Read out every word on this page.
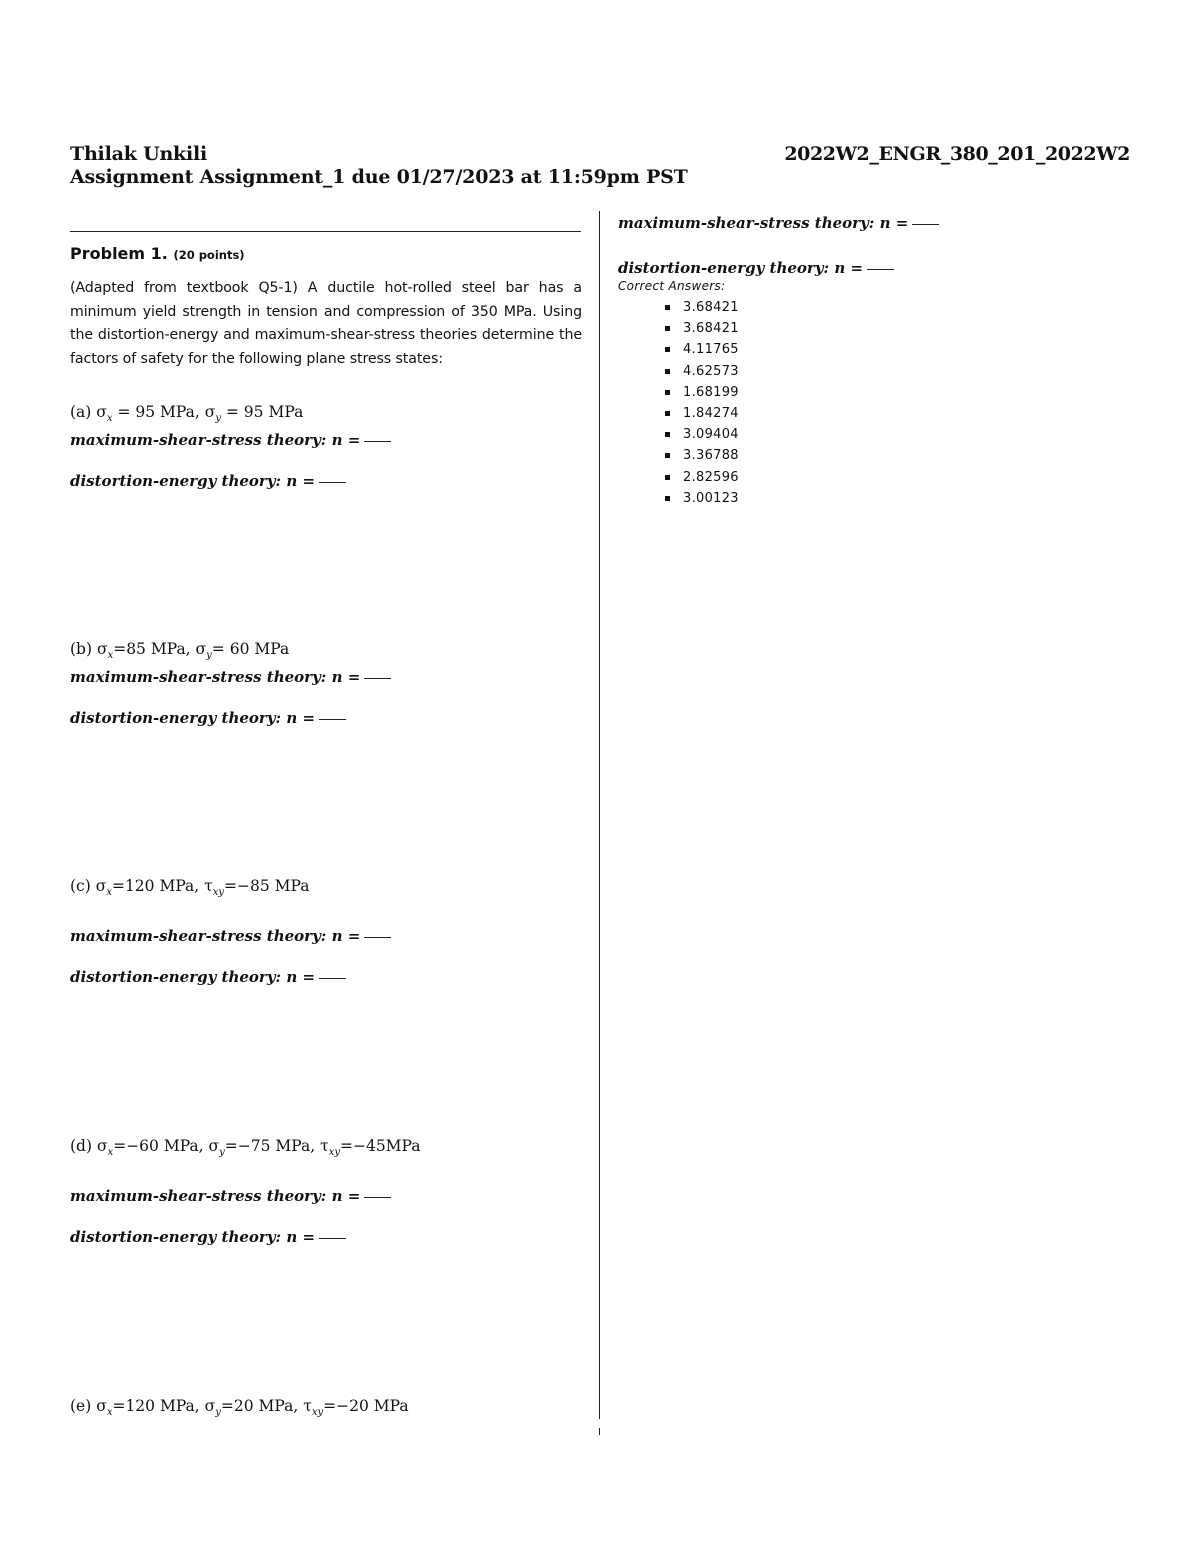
Thilak Unkili	2022W2_ENGR_380_201_2022W2
Assignment Assignment_1 due 01/27/2023 at 11:59pm PST

Problem 1. (20 points)

(Adapted from textbook Q5-1) A ductile hot-rolled steel bar has a minimum yield strength in tension and compression of 350 MPa. Using the distortion-energy and maximum-shear-stress theories determine the factors of safety for the following plane stress states:

(a) $\sigma_x = 95$ MPa, $\sigma_y = 95$ MPa

maximum-shear-stress theory: n =

distortion-energy theory: n =

(b) $\sigma_x=85$ MPa, $\sigma_y= 60$ MPa

maximum-shear-stress theory: n =

distortion-energy theory: n =

(c) $\sigma_x=120$ MPa, $\tau_{xy}=-85$ MPa

maximum-shear-stress theory: n =

distortion-energy theory: n =

(d) $\sigma_x=-60$ MPa, $\sigma_y=-75$ MPa, $\tau_{xy}=-45MPa$

maximum-shear-stress theory: n =

distortion-energy theory: n =

(e) $\sigma_x=120$ MPa, $\sigma_y=20$ MPa, $\tau_{xy}=-20$ MPa

maximum-shear-stress theory: n =

distortion-energy theory: n =

Correct Answers:

3.68421
3.68421
4.11765
4.62573
1.68199
1.84274
3.09404
3.36788
2.82596
3.00123
